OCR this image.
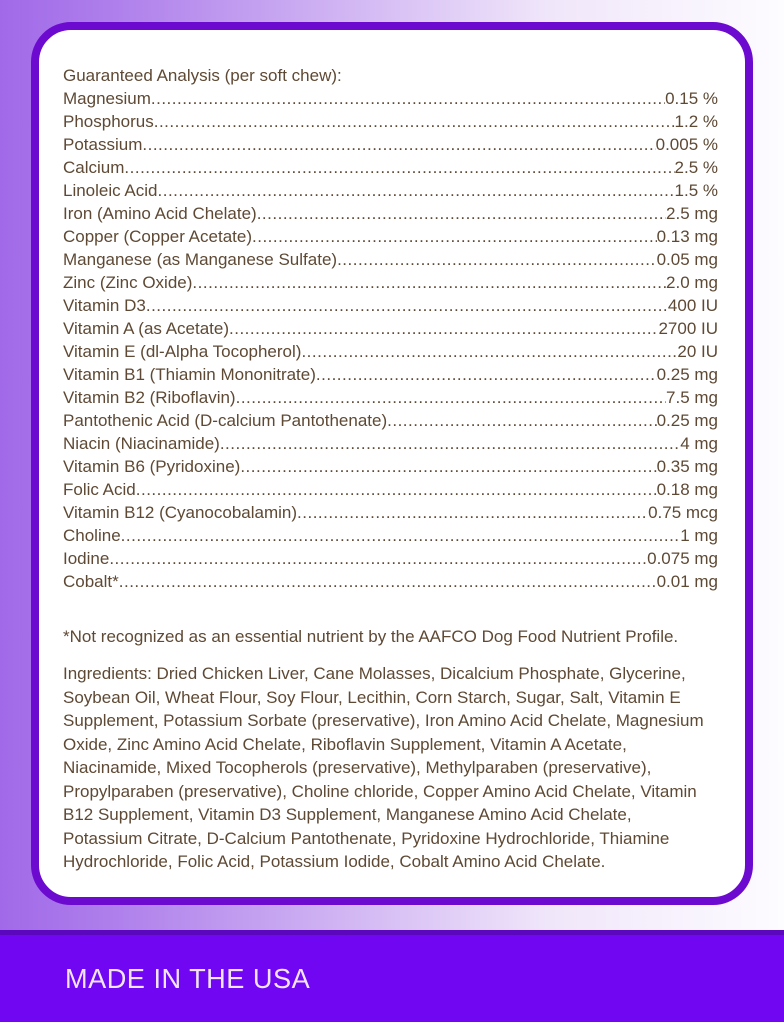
Guaranteed Analysis (per soft chew):
Magnesium .....	0.15 %
Phosphorus .....	1.2 %
Potassium .....	0.005 %
Calcium .....	2.5 %
Linoleic Acid .....	1.5 %
Iron (Amino Acid Chelate) .....	2.5 mg
Copper (Copper Acetate) .....	0.13 mg
Manganese (as Manganese Sulfate) .....	0.05 mg
Zinc (Zinc Oxide) .....	2.0 mg
Vitamin D3 .....	400 IU
Vitamin A (as Acetate) .....	2700 IU
Vitamin E (dl-Alpha Tocopherol) .....	20 IU
Vitamin B1 (Thiamin Mononitrate) .....	0.25 mg
Vitamin B2 (Riboflavin) .....	7.5 mg
Pantothenic Acid (D-calcium Pantothenate) .....	0.25 mg
Niacin (Niacinamide) .....	4 mg
Vitamin B6 (Pyridoxine) .....	0.35 mg
Folic Acid .....	0.18 mg
Vitamin B12 (Cyanocobalamin) .....	0.75 mcg
Choline .....	1 mg
Iodine .....	0.075 mg
Cobalt* .....	0.01 mg
*Not recognized as an essential nutrient by the AAFCO Dog Food Nutrient Profile.

Ingredients: Dried Chicken Liver, Cane Molasses, Dicalcium Phosphate, Glycerine, Soybean Oil, Wheat Flour, Soy Flour, Lecithin, Corn Starch, Sugar, Salt, Vitamin E Supplement, Potassium Sorbate (preservative), Iron Amino Acid Chelate, Magnesium Oxide, Zinc Amino Acid Chelate, Riboflavin Supplement, Vitamin A Acetate, Niacinamide, Mixed Tocopherols (preservative), Methylparaben (preservative), Propylparaben (preservative), Choline chloride, Copper Amino Acid Chelate, Vitamin B12 Supplement, Vitamin D3 Supplement, Manganese Amino Acid Chelate, Potassium Citrate, D-Calcium Pantothenate, Pyridoxine Hydrochloride, Thiamine Hydrochloride, Folic Acid, Potassium Iodide, Cobalt Amino Acid Chelate.

MADE IN THE USA
